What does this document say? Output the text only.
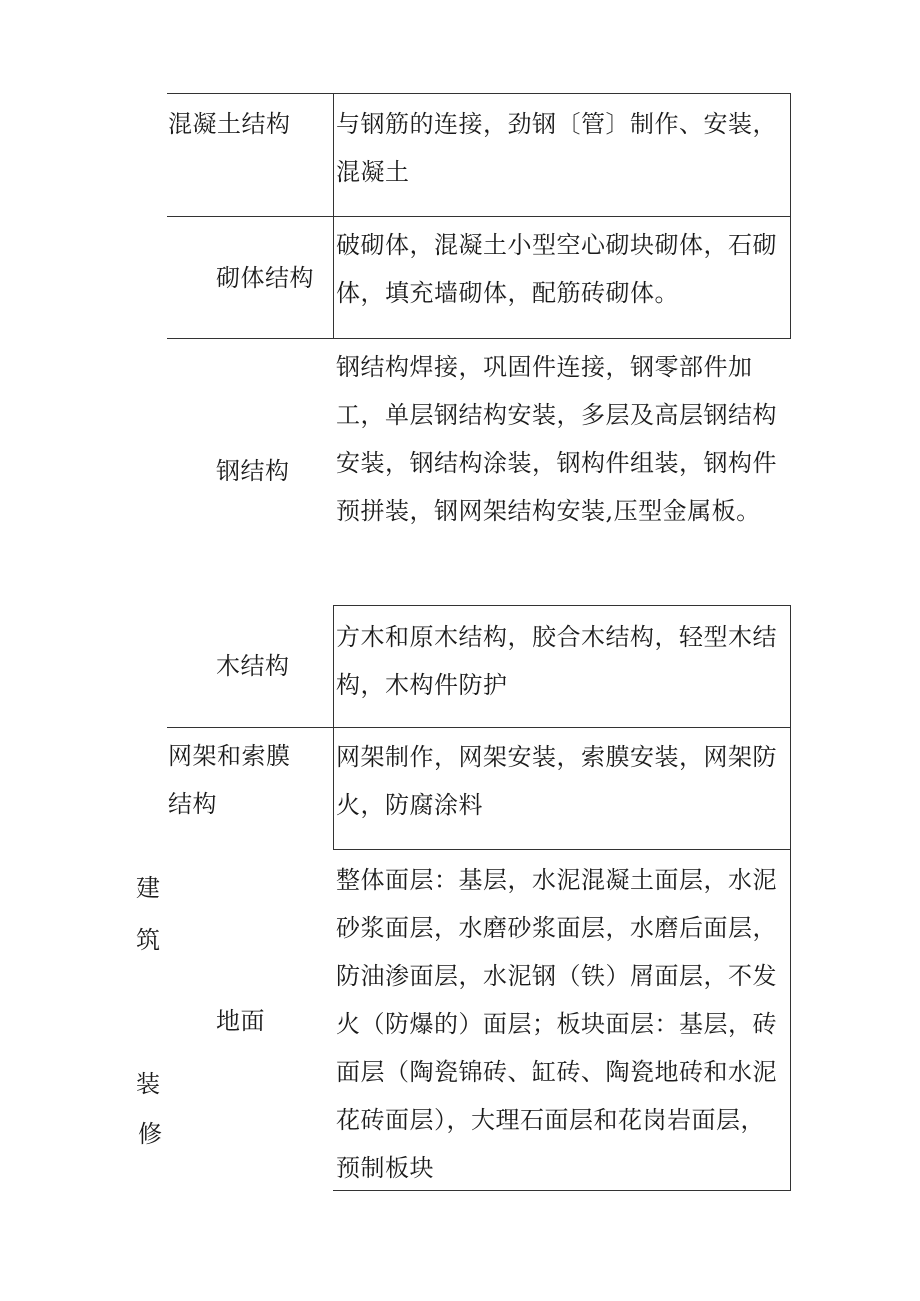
建
筑
装
修
混凝土结构 与钢筋的连接，劲钢〔管〕制作、安装，
混凝土
砌体结构
破砌体，混凝土小型空心砌块砌体，石砌
体，填充墙砌体，配筋砖砌体。
钢结构
钢结构焊接，巩固件连接，钢零部件加
工，单层钢结构安装，多层及高层钢结构
安装，钢结构涂装，钢构件组装，钢构件
预拼装，钢网架结构安装,压型金属板。
木结构
方木和原木结构，胶合木结构，轻型木结
构，木构件防护
网架和索膜
结构
网架制作，网架安装，索膜安装，网架防
火，防腐涂料
地面
整体面层：基层，水泥混凝土面层，水泥
砂浆面层，水磨砂浆面层，水磨后面层，
防油渗面层，水泥钢（铁）屑面层，不发
火（防爆的）面层；板块面层：基层，砖
面层（陶瓷锦砖、缸砖、陶瓷地砖和水泥
花砖面层），大理石面层和花岗岩面层，
预制板块
